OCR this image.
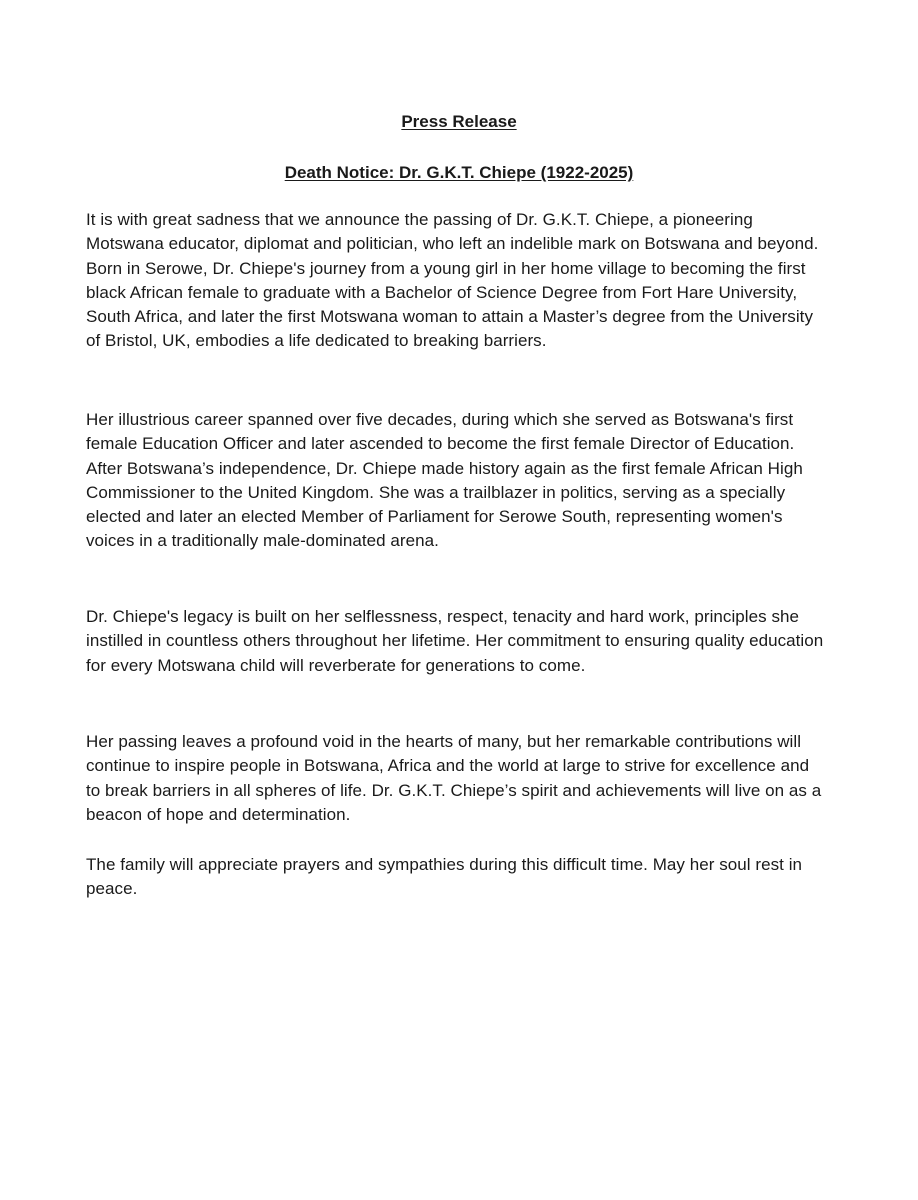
Press Release
Death Notice: Dr. G.K.T. Chiepe (1922-2025)

It is with great sadness that we announce the passing of Dr. G.K.T. Chiepe, a pioneering Motswana educator, diplomat and politician, who left an indelible mark on Botswana and beyond. Born in Serowe, Dr. Chiepe's journey from a young girl in her home village to becoming the first black African female to graduate with a Bachelor of Science Degree from Fort Hare University, South Africa, and later the first Motswana woman to attain a Master’s degree from the University of Bristol, UK, embodies a life dedicated to breaking barriers.

Her illustrious career spanned over five decades, during which she served as Botswana's first female Education Officer and later ascended to become the first female Director of Education. After Botswana’s independence, Dr. Chiepe made history again as the first female African High Commissioner to the United Kingdom. She was a trailblazer in politics, serving as a specially elected and later an elected Member of Parliament for Serowe South, representing women's voices in a traditionally male-dominated arena.

Dr. Chiepe's legacy is built on her selflessness, respect, tenacity and hard work, principles she instilled in countless others throughout her lifetime. Her commitment to ensuring quality education for every Motswana child will reverberate for generations to come.

Her passing leaves a profound void in the hearts of many, but her remarkable contributions will continue to inspire people in Botswana, Africa and the world at large to strive for excellence and to break barriers in all spheres of life. Dr. G.K.T. Chiepe’s spirit and achievements will live on as a beacon of hope and determination.

The family will appreciate prayers and sympathies during this difficult time. May her soul rest in peace.
